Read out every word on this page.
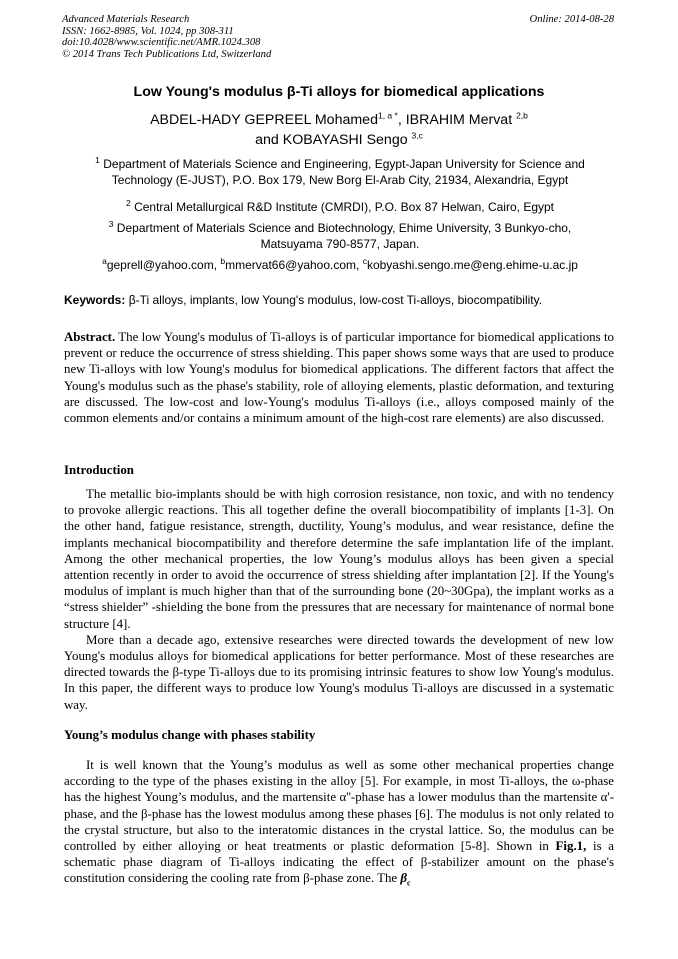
Advanced Materials Research
ISSN: 1662-8985, Vol. 1024, pp 308-311
doi:10.4028/www.scientific.net/AMR.1024.308
© 2014 Trans Tech Publications Ltd, Switzerland
Online: 2014-08-28
Low Young's modulus β-Ti alloys for biomedical applications
ABDEL-HADY GEPREEL Mohamed$^{1, a *}$, IBRAHIM Mervat $^{2,b}$
and KOBAYASHI Sengo $^{3,c}$
$^1$ Department of Materials Science and Engineering, Egypt-Japan University for Science and Technology (E-JUST), P.O. Box 179, New Borg El-Arab City, 21934, Alexandria, Egypt
$^2$ Central Metallurgical R&D Institute (CMRDI), P.O. Box 87 Helwan, Cairo, Egypt
$^3$ Department of Materials Science and Biotechnology, Ehime University, 3 Bunkyo-cho, Matsuyama 790-8577, Japan.
$^a$geprell@yahoo.com, $^b$mmervat66@yahoo.com, $^c$kobyashi.sengo.me@eng.ehime-u.ac.jp
Keywords: β-Ti alloys, implants, low Young's modulus, low-cost Ti-alloys, biocompatibility.

Abstract. The low Young's modulus of Ti-alloys is of particular importance for biomedical applications to prevent or reduce the occurrence of stress shielding. This paper shows some ways that are used to produce new Ti-alloys with low Young's modulus for biomedical applications. The different factors that affect the Young's modulus such as the phase's stability, role of alloying elements, plastic deformation, and texturing are discussed. The low-cost and low-Young's modulus Ti-alloys (i.e., alloys composed mainly of the common elements and/or contains a minimum amount of the high-cost rare elements) are also discussed.

Introduction

The metallic bio-implants should be with high corrosion resistance, non toxic, and with no tendency to provoke allergic reactions. This all together define the overall biocompatibility of implants [1-3]. On the other hand, fatigue resistance, strength, ductility, Young’s modulus, and wear resistance, define the implants mechanical biocompatibility and therefore determine the safe implantation life of the implant. Among the other mechanical properties, the low Young’s modulus alloys has been given a special attention recently in order to avoid the occurrence of stress shielding after implantation [2]. If the Young's modulus of implant is much higher than that of the surrounding bone (20~30Gpa), the implant works as a “stress shielder” -shielding the bone from the pressures that are necessary for maintenance of normal bone structure [4].

More than a decade ago, extensive researches were directed towards the development of new low Young's modulus alloys for biomedical applications for better performance. Most of these researches are directed towards the β-type Ti-alloys due to its promising intrinsic features to show low Young's modulus. In this paper, the different ways to produce low Young's modulus Ti-alloys are discussed in a systematic way.

Young’s modulus change with phases stability

It is well known that the Young’s modulus as well as some other mechanical properties change according to the type of the phases existing in the alloy [5]. For example, in most Ti-alloys, the ω-phase has the highest Young’s modulus, and the martensite α''-phase has a lower modulus than the martensite α'-phase, and the β-phase has the lowest modulus among these phases [6]. The modulus is not only related to the crystal structure, but also to the interatomic distances in the crystal lattice. So, the modulus can be controlled by either alloying or heat treatments or plastic deformation [5-8]. Shown in Fig.1, is a schematic phase diagram of Ti-alloys indicating the effect of β-stabilizer amount on the phase's constitution considering the cooling rate from β-phase zone. The $\beta_c$
